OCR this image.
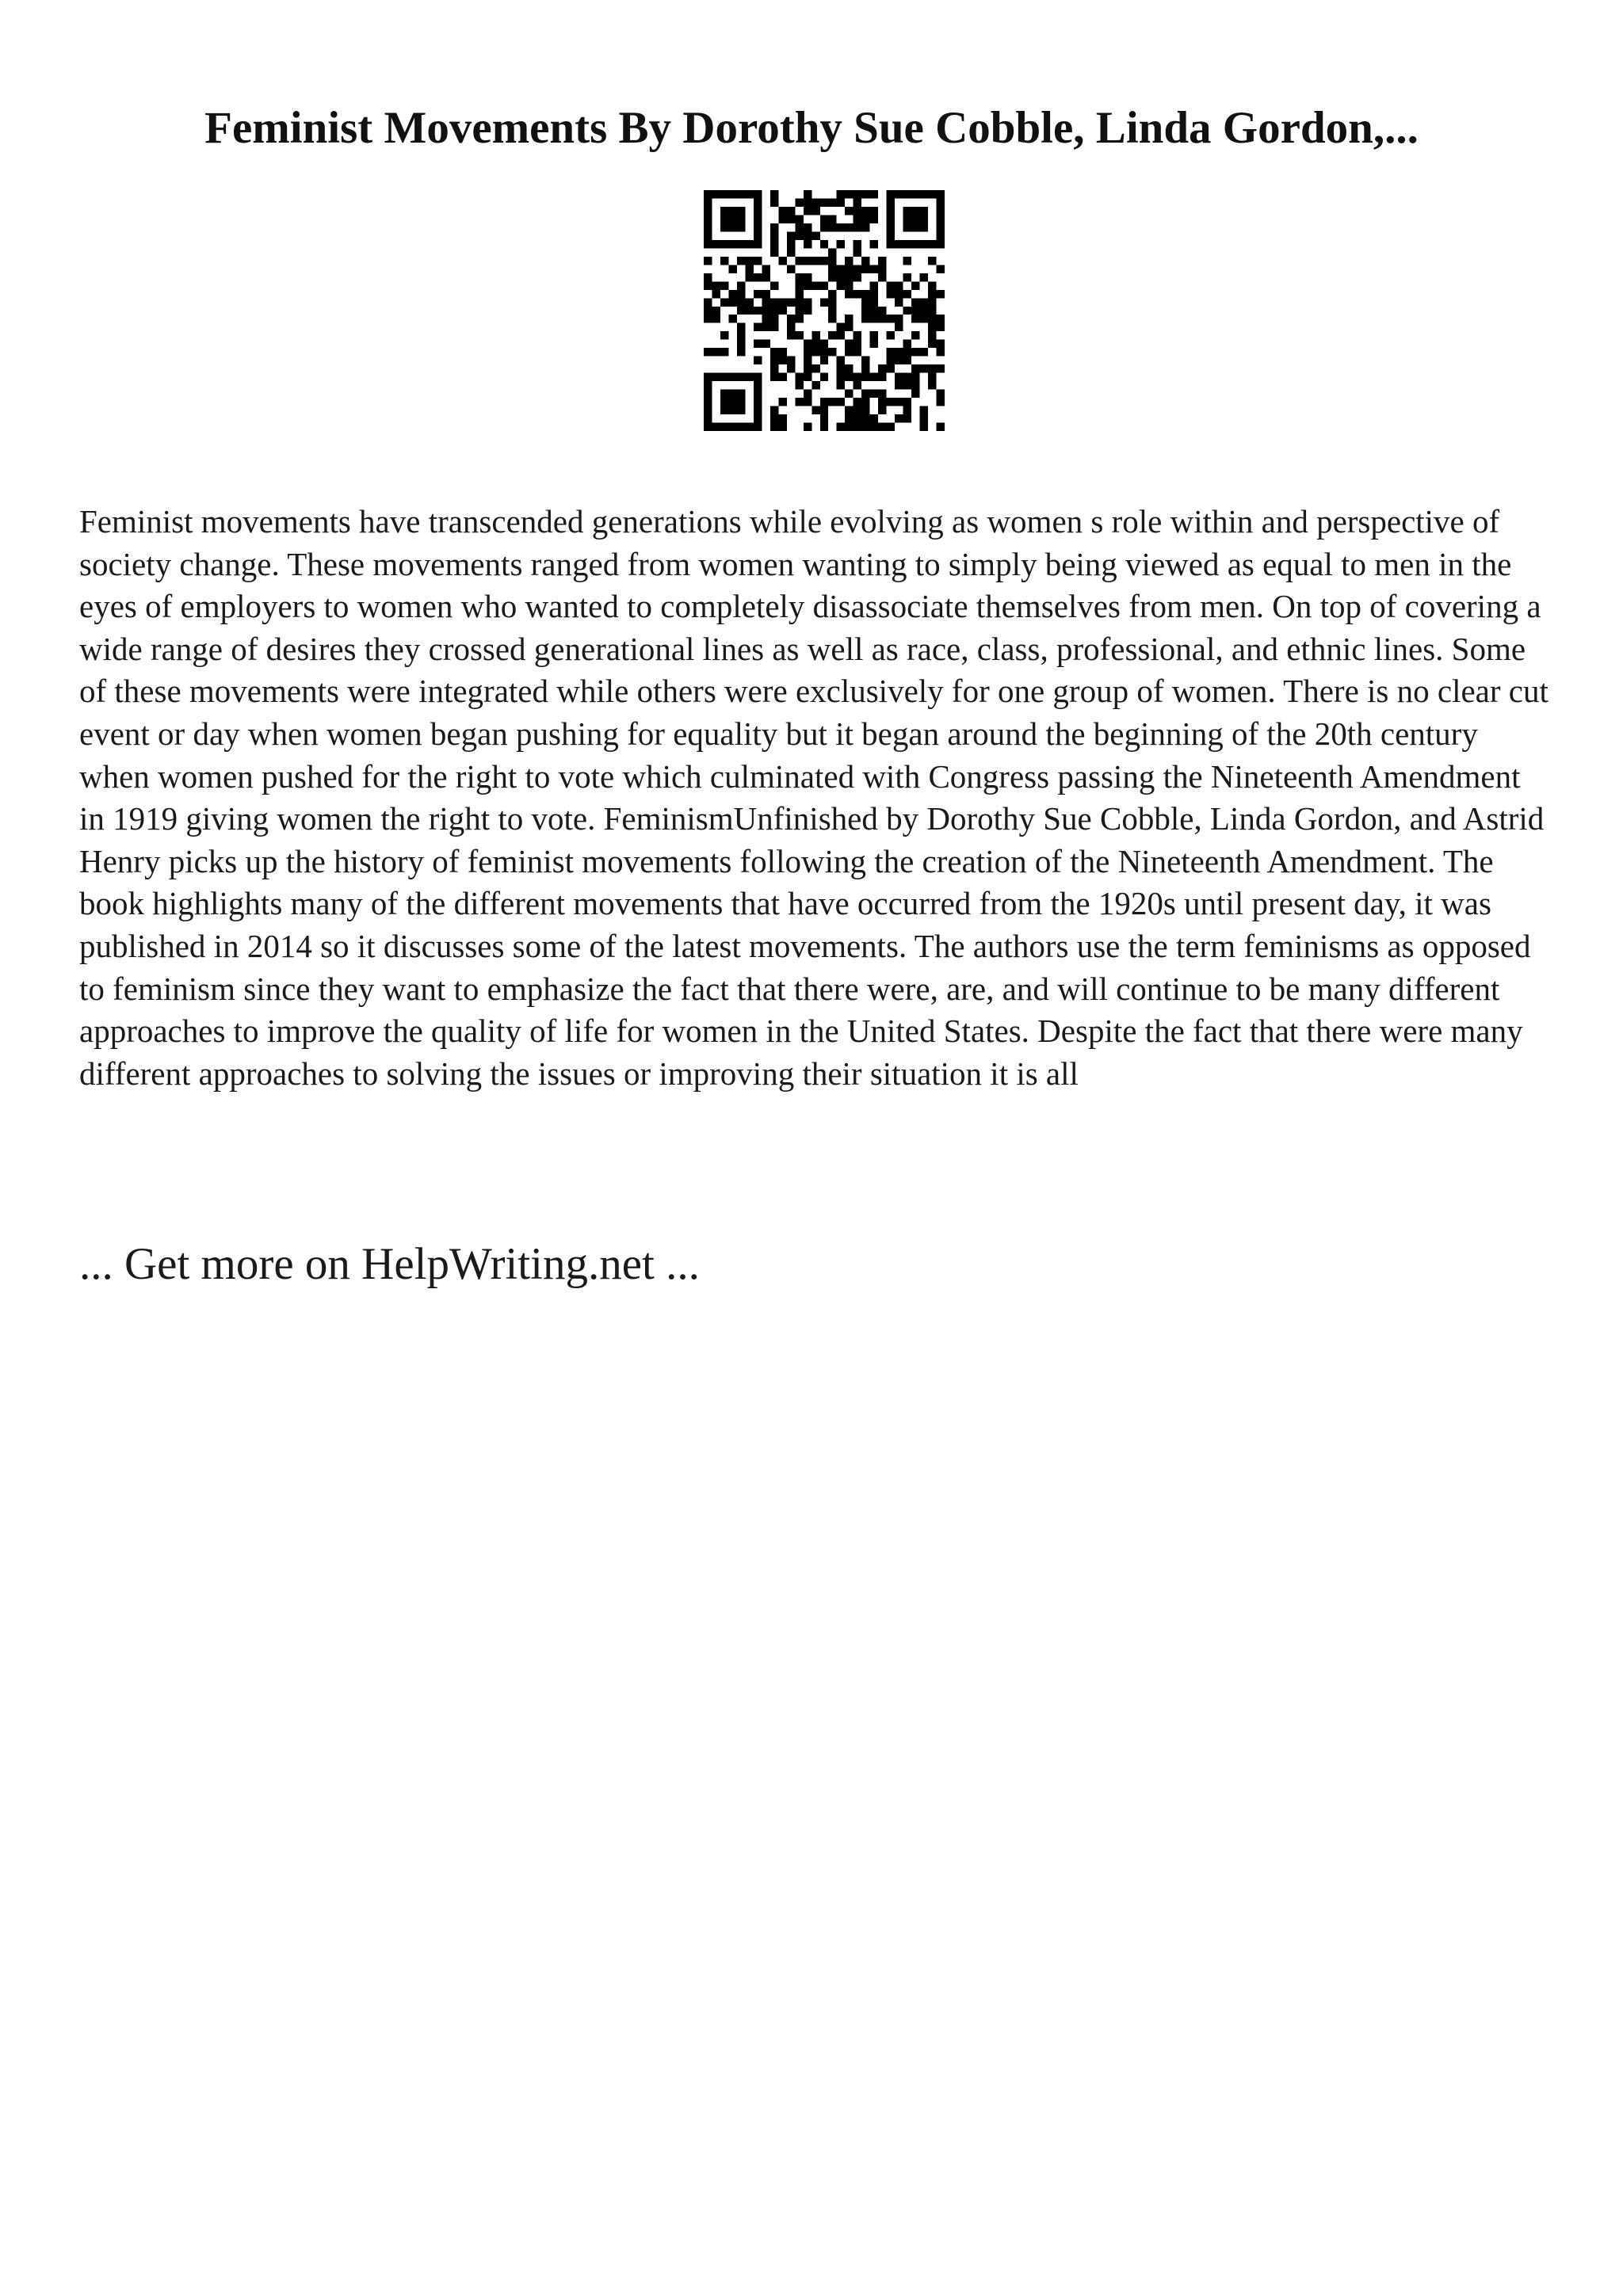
Feminist Movements By Dorothy Sue Cobble, Linda Gordon,...

Feminist movements have transcended generations while evolving as women s role within and perspective of society change. These movements ranged from women wanting to simply being viewed as equal to men in the eyes of employers to women who wanted to completely disassociate themselves from men. On top of covering a wide range of desires they crossed generational lines as well as race, class, professional, and ethnic lines. Some of these movements were integrated while others were exclusively for one group of women. There is no clear cut event or day when women began pushing for equality but it began around the beginning of the 20th century when women pushed for the right to vote which culminated with Congress passing the Nineteenth Amendment in 1919 giving women the right to vote. FeminismUnfinished by Dorothy Sue Cobble, Linda Gordon, and Astrid Henry picks up the history of feminist movements following the creation of the Nineteenth Amendment. The book highlights many of the different movements that have occurred from the 1920s until present day, it was published in 2014 so it discusses some of the latest movements. The authors use the term feminisms as opposed to feminism since they want to emphasize the fact that there were, are, and will continue to be many different approaches to improve the quality of life for women in the United States. Despite the fact that there were many different approaches to solving the issues or improving their situation it is all

... Get more on HelpWriting.net ...
